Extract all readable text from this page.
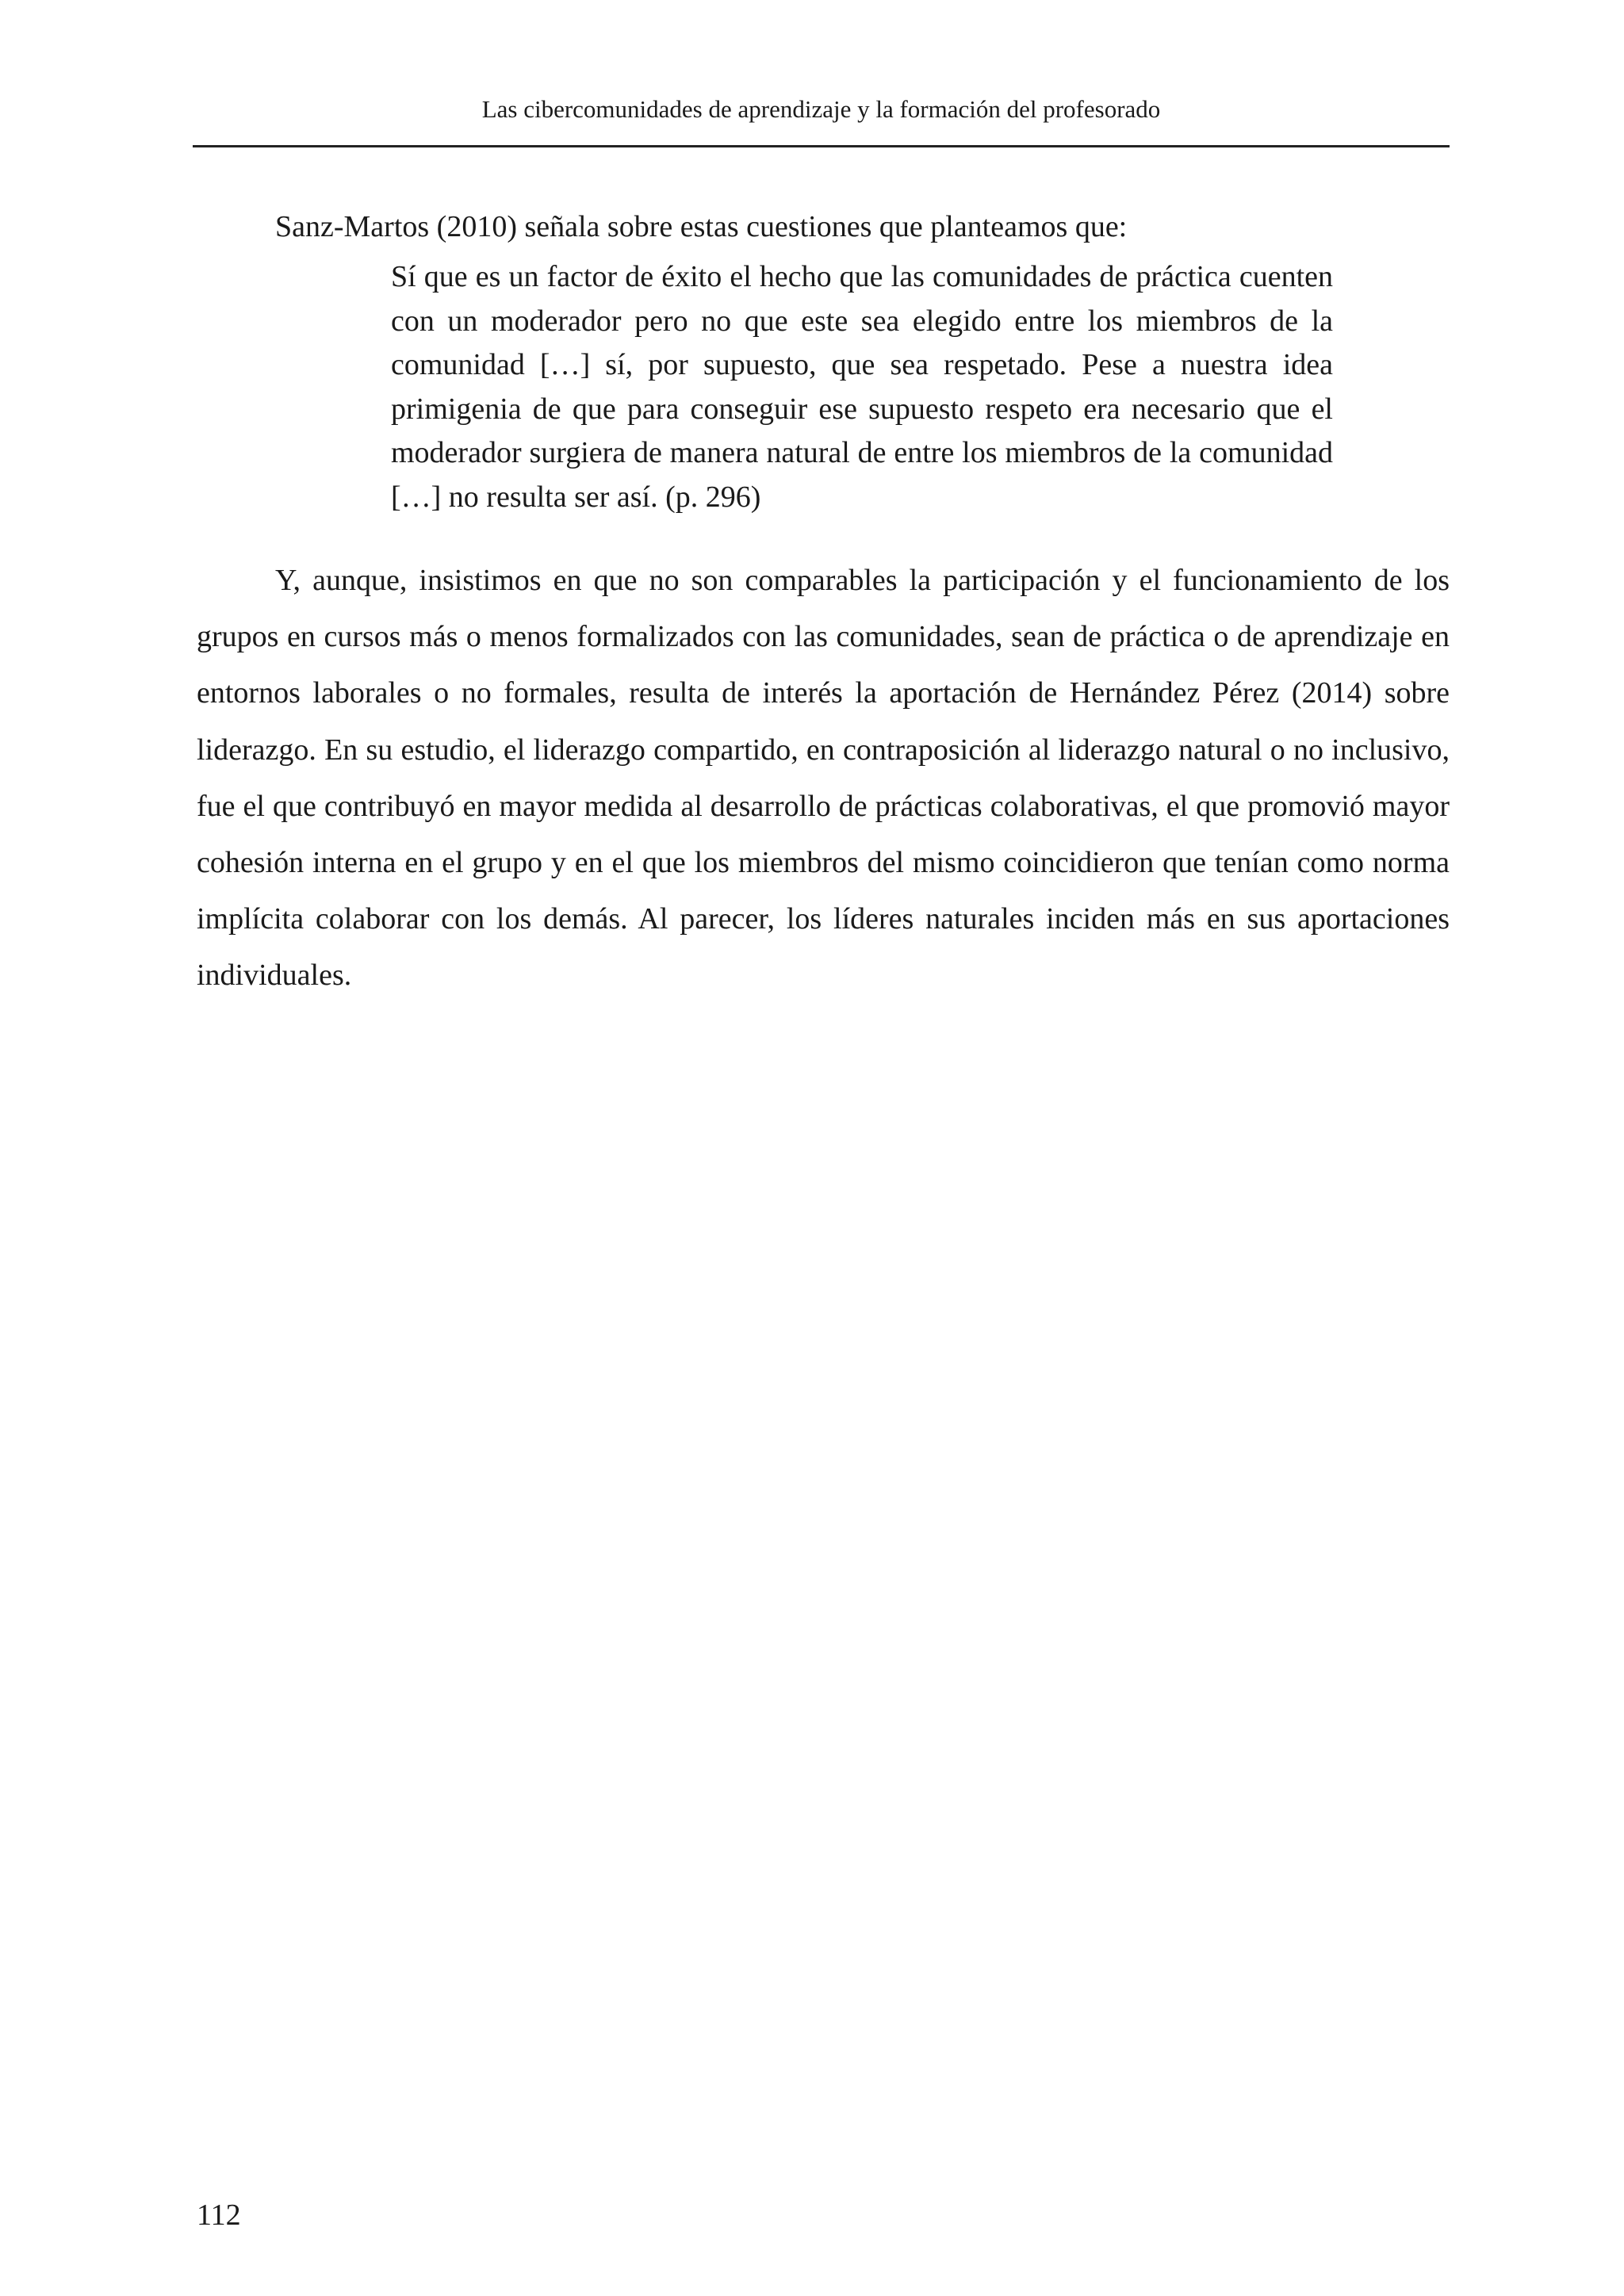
Las cibercomunidades de aprendizaje y la formación del profesorado

Sanz-Martos (2010) señala sobre estas cuestiones que planteamos que:

Sí que es un factor de éxito el hecho que las comunidades de práctica cuenten con un moderador pero no que este sea elegido entre los miembros de la comunidad […] sí, por supuesto, que sea respetado. Pese a nuestra idea primigenia de que para conseguir ese supuesto respeto era necesario que el moderador surgiera de manera natural de entre los miembros de la comunidad […] no resulta ser así. (p. 296)

Y, aunque, insistimos en que no son comparables la participación y el funcionamiento de los grupos en cursos más o menos formalizados con las comunidades, sean de práctica o de aprendizaje en entornos laborales o no formales, resulta de interés la aportación de Hernández Pérez (2014) sobre liderazgo. En su estudio, el liderazgo compartido, en contraposición al liderazgo natural o no inclusivo, fue el que contribuyó en mayor medida al desarrollo de prácticas colaborativas, el que promovió mayor cohesión interna en el grupo y en el que los miembros del mismo coincidieron que tenían como norma implícita colaborar con los demás. Al parecer, los líderes naturales inciden más en sus aportaciones individuales.

112
